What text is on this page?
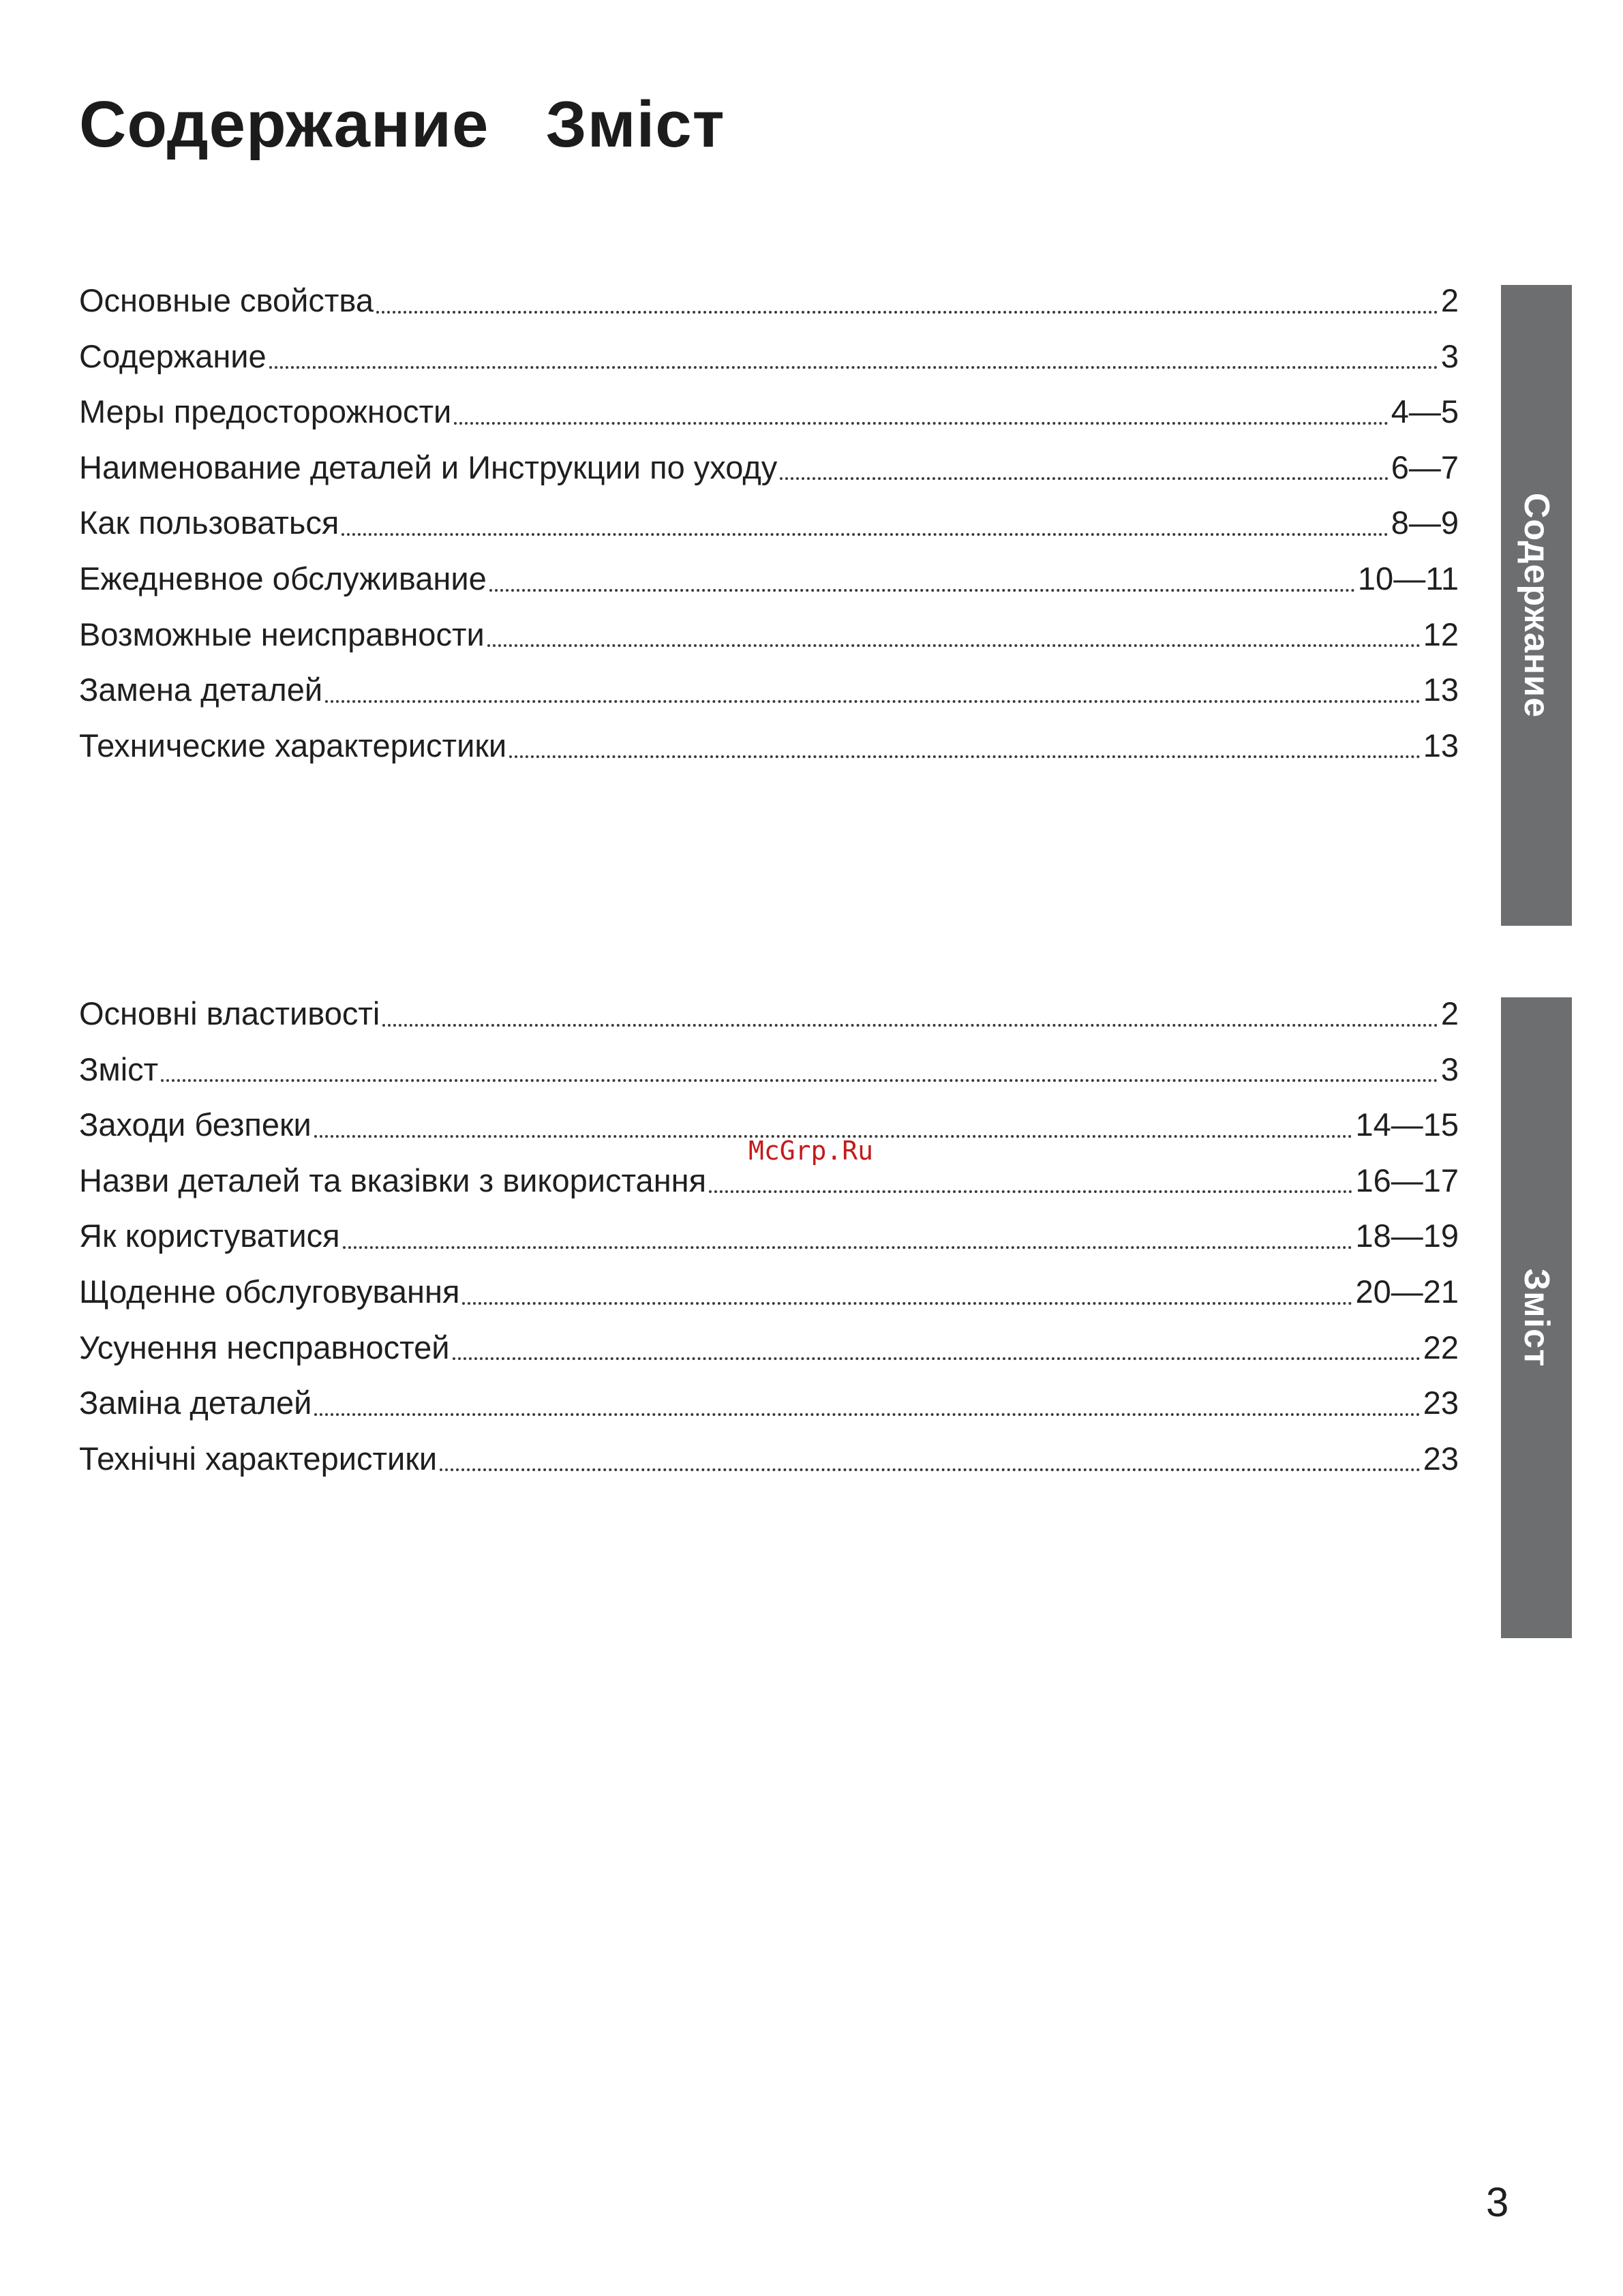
Содержание   Зміст
Основные свойства	2
Содержание	3
Меры предосторожности	4—5
Наименование деталей и Инструкции по уходу	6—7
Как пользоваться	8—9
Ежедневное обслуживание	10—11
Возможные неисправности	12
Замена деталей	13
Технические характеристики	13
Содержание
Основні властивості	2
Зміст	3
Заходи безпеки	14—15
Назви деталей та вказівки з використання	16—17
Як користуватися	18—19
Щоденне обслуговування	20—21
Усунення несправностей	22
Заміна деталей	23
Технічні характеристики	23
Зміст
McGrp.Ru
3
